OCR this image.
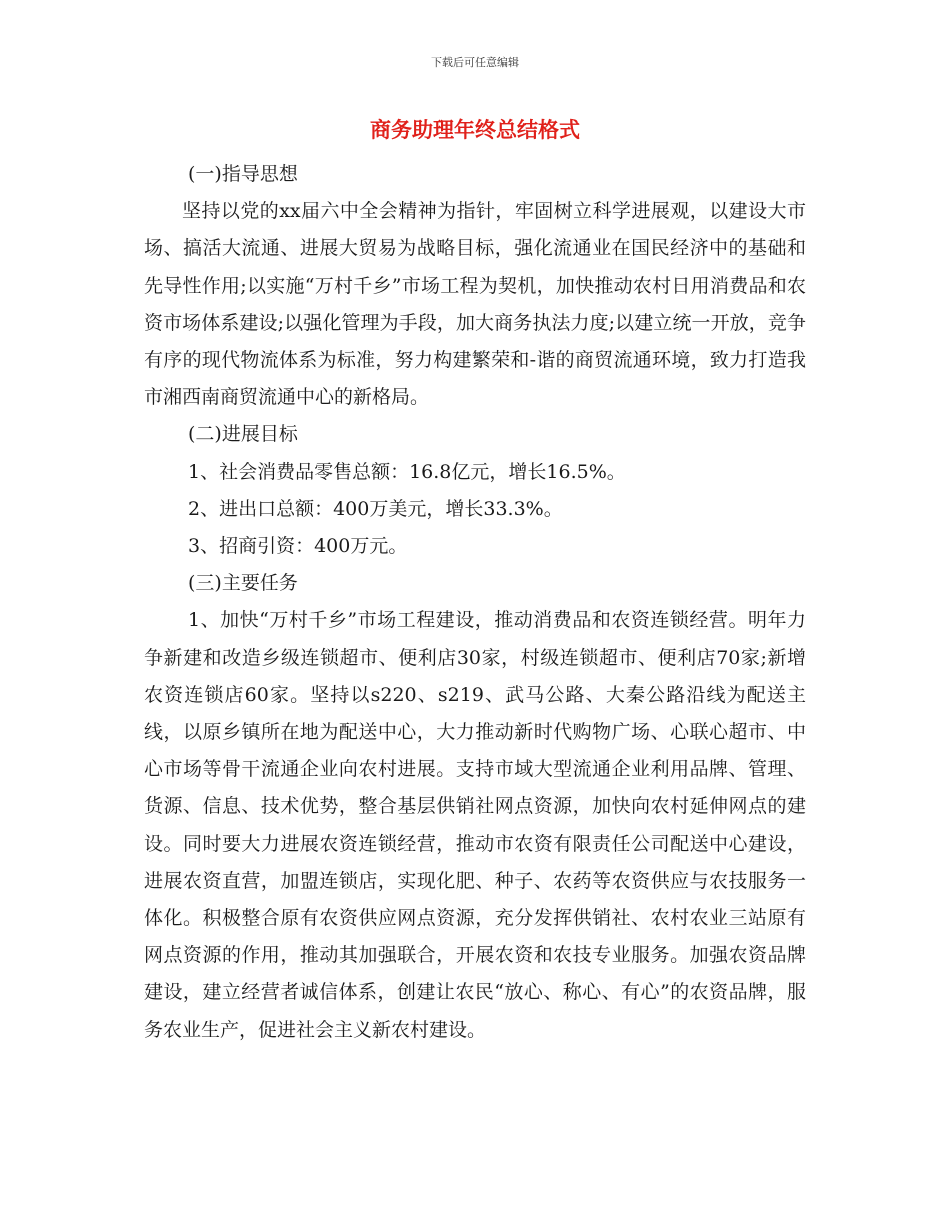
下载后可任意编辑
商务助理年终总结格式

(一)指导思想

坚持以党的xx届六中全会精神为指针，牢固树立科学进展观，以建设大市场、搞活大流通、进展大贸易为战略目标，强化流通业在国民经济中的基础和先导性作用;以实施“万村千乡”市场工程为契机，加快推动农村日用消费品和农资市场体系建设;以强化管理为手段，加大商务执法力度;以建立统一开放，竞争有序的现代物流体系为标准，努力构建繁荣和-谐的商贸流通环境，致力打造我市湘西南商贸流通中心的新格局。

(二)进展目标

1、社会消费品零售总额：16.8亿元，增长16.5%。

2、进出口总额：400万美元，增长33.3%。

3、招商引资：400万元。

(三)主要任务

1、加快“万村千乡”市场工程建设，推动消费品和农资连锁经营。明年力争新建和改造乡级连锁超市、便利店30家，村级连锁超市、便利店70家;新增农资连锁店60家。坚持以s220、s219、武马公路、大秦公路沿线为配送主线，以原乡镇所在地为配送中心，大力推动新时代购物广场、心联心超市、中心市场等骨干流通企业向农村进展。支持市域大型流通企业利用品牌、管理、货源、信息、技术优势，整合基层供销社网点资源，加快向农村延伸网点的建设。同时要大力进展农资连锁经营，推动市农资有限责任公司配送中心建设，进展农资直营，加盟连锁店，实现化肥、种子、农药等农资供应与农技服务一体化。积极整合原有农资供应网点资源，充分发挥供销社、农村农业三站原有网点资源的作用，推动其加强联合，开展农资和农技专业服务。加强农资品牌建设，建立经营者诚信体系，创建让农民“放心、称心、有心”的农资品牌，服务农业生产，促进社会主义新农村建设。
